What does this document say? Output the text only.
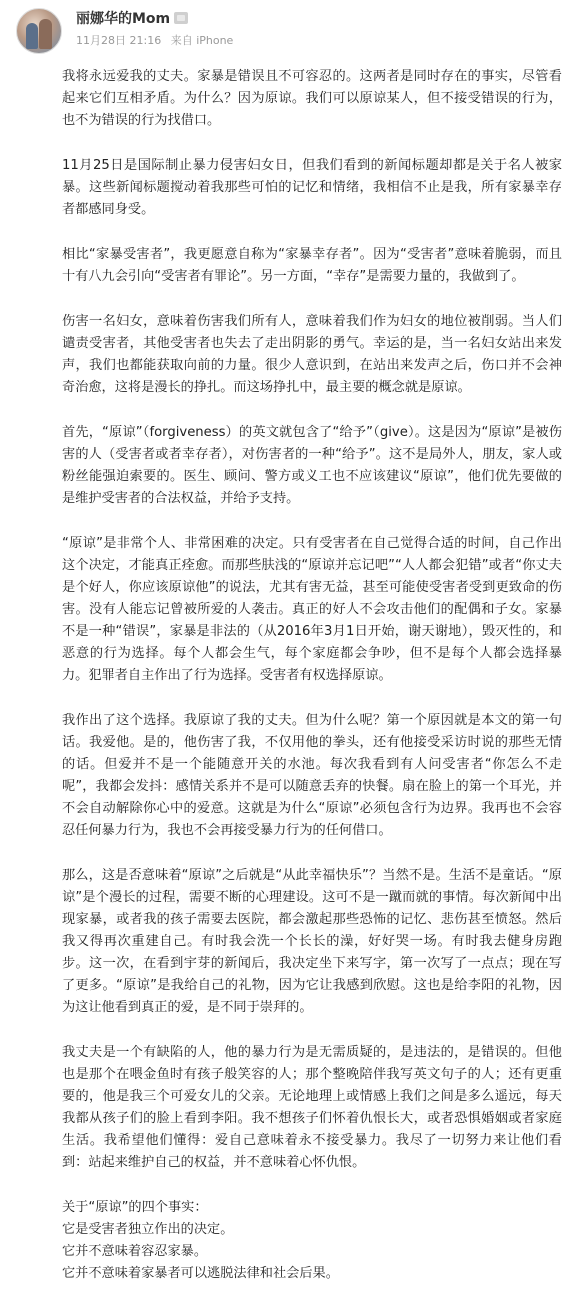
丽娜华的Mom
11月28日 21:16 来自 iPhone

我将永远爱我的丈夫。家暴是错误且不可容忍的。这两者是同时存在的事实，尽管看起来它们互相矛盾。为什么？因为原谅。我们可以原谅某人，但不接受错误的行为，也不为错误的行为找借口。

11月25日是国际制止暴力侵害妇女日，但我们看到的新闻标题却都是关于名人被家暴。这些新闻标题搅动着我那些可怕的记忆和情绪，我相信不止是我，所有家暴幸存者都感同身受。

相比“家暴受害者”，我更愿意自称为“家暴幸存者”。因为“受害者”意味着脆弱，而且十有八九会引向“受害者有罪论”。另一方面，“幸存”是需要力量的，我做到了。

伤害一名妇女，意味着伤害我们所有人，意味着我们作为妇女的地位被削弱。当人们谴责受害者，其他受害者也失去了走出阴影的勇气。幸运的是，当一名妇女站出来发声，我们也都能获取向前的力量。很少人意识到，在站出来发声之后，伤口并不会神奇治愈，这将是漫长的挣扎。而这场挣扎中，最主要的概念就是原谅。

首先，“原谅”（forgiveness）的英文就包含了“给予”（give）。这是因为“原谅”是被伤害的人（受害者或者幸存者），对伤害者的一种“给予”。这不是局外人，朋友，家人或粉丝能强迫索要的。医生、顾问、警方或义工也不应该建议“原谅”，他们优先要做的是维护受害者的合法权益，并给予支持。

“原谅”是非常个人、非常困难的决定。只有受害者在自己觉得合适的时间，自己作出这个决定，才能真正痊愈。而那些肤浅的“原谅并忘记吧”“人人都会犯错”或者“你丈夫是个好人，你应该原谅他”的说法，尤其有害无益，甚至可能使受害者受到更致命的伤害。没有人能忘记曾被所爱的人袭击。真正的好人不会攻击他们的配偶和子女。家暴不是一种“错误”，家暴是非法的（从2016年3月1日开始，谢天谢地），毁灭性的，和恶意的行为选择。每个人都会生气，每个家庭都会争吵，但不是每个人都会选择暴力。犯罪者自主作出了行为选择。受害者有权选择原谅。

我作出了这个选择。我原谅了我的丈夫。但为什么呢？第一个原因就是本文的第一句话。我爱他。是的，他伤害了我，不仅用他的拳头，还有他接受采访时说的那些无情的话。但爱并不是一个能随意开关的水池。每次我看到有人问受害者“你怎么不走呢”，我都会发抖：感情关系并不是可以随意丢弃的快餐。扇在脸上的第一个耳光，并不会自动解除你心中的爱意。这就是为什么“原谅”必须包含行为边界。我再也不会容忍任何暴力行为，我也不会再接受暴力行为的任何借口。

那么，这是否意味着“原谅”之后就是“从此幸福快乐”？当然不是。生活不是童话。“原谅”是个漫长的过程，需要不断的心理建设。这可不是一蹴而就的事情。每次新闻中出现家暴，或者我的孩子需要去医院，都会激起那些恐怖的记忆、悲伤甚至愤怒。然后我又得再次重建自己。有时我会洗一个长长的澡，好好哭一场。有时我去健身房跑步。这一次，在看到宇芽的新闻后，我决定坐下来写字，第一次写了一点点；现在写了更多。“原谅”是我给自己的礼物，因为它让我感到欣慰。这也是给李阳的礼物，因为这让他看到真正的爱，是不同于崇拜的。

我丈夫是一个有缺陷的人，他的暴力行为是无需质疑的，是违法的，是错误的。但他也是那个在喂金鱼时有孩子般笑容的人；那个整晚陪伴我写英文句子的人；还有更重要的，他是我三个可爱女儿的父亲。无论地理上或情感上我们之间是多么遥远，每天我都从孩子们的脸上看到李阳。我不想孩子们怀着仇恨长大，或者恐惧婚姻或者家庭生活。我希望他们懂得：爱自己意味着永不接受暴力。我尽了一切努力来让他们看到：站起来维护自己的权益，并不意味着心怀仇恨。

关于“原谅”的四个事实：

它是受害者独立作出的决定。

它并不意味着容忍家暴。

它并不意味着家暴者可以逃脱法律和社会后果。
